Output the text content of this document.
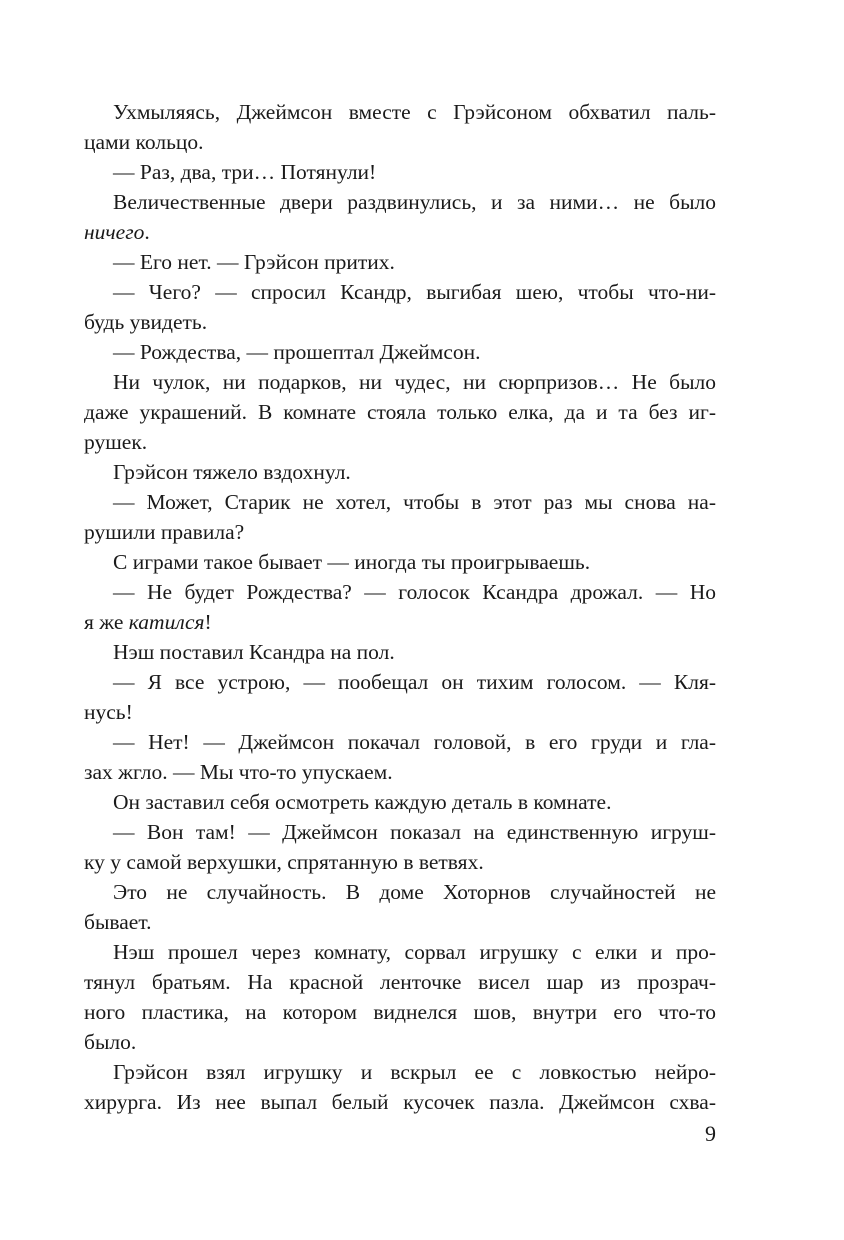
Ухмыляясь, Джеймсон вместе с Грэйсоном обхватил паль-
цами кольцо.
— Раз, два, три… Потянули!
Величественные двери раздвинулись, и за ними… не было
ничего.
— Его нет. — Грэйсон притих.
— Чего? — спросил Ксандр, выгибая шею, чтобы что-ни-
будь увидеть.
— Рождества, — прошептал Джеймсон.
Ни чулок, ни подарков, ни чудес, ни сюрпризов… Не было
даже украшений. В комнате стояла только елка, да и та без иг-
рушек.
Грэйсон тяжело вздохнул.
— Может, Старик не хотел, чтобы в этот раз мы снова на-
рушили правила?
С играми такое бывает — иногда ты проигрываешь.
— Не будет Рождества? — голосок Ксандра дрожал. — Но
я же катился!
Нэш поставил Ксандра на пол.
— Я все устрою, — пообещал он тихим голосом. — Кля-
нусь!
— Нет! — Джеймсон покачал головой, в его груди и гла-
зах жгло. — Мы что-то упускаем.
Он заставил себя осмотреть каждую деталь в комнате.
— Вон там! — Джеймсон показал на единственную игруш-
ку у самой верхушки, спрятанную в ветвях.
Это не случайность. В доме Хоторнов случайностей не
бывает.
Нэш прошел через комнату, сорвал игрушку с елки и про-
тянул братьям. На красной ленточке висел шар из прозрач-
ного пластика, на котором виднелся шов, внутри его что-то
было.
Грэйсон взял игрушку и вскрыл ее с ловкостью нейро-
хирурга. Из нее выпал белый кусочек пазла. Джеймсон схва-
9
